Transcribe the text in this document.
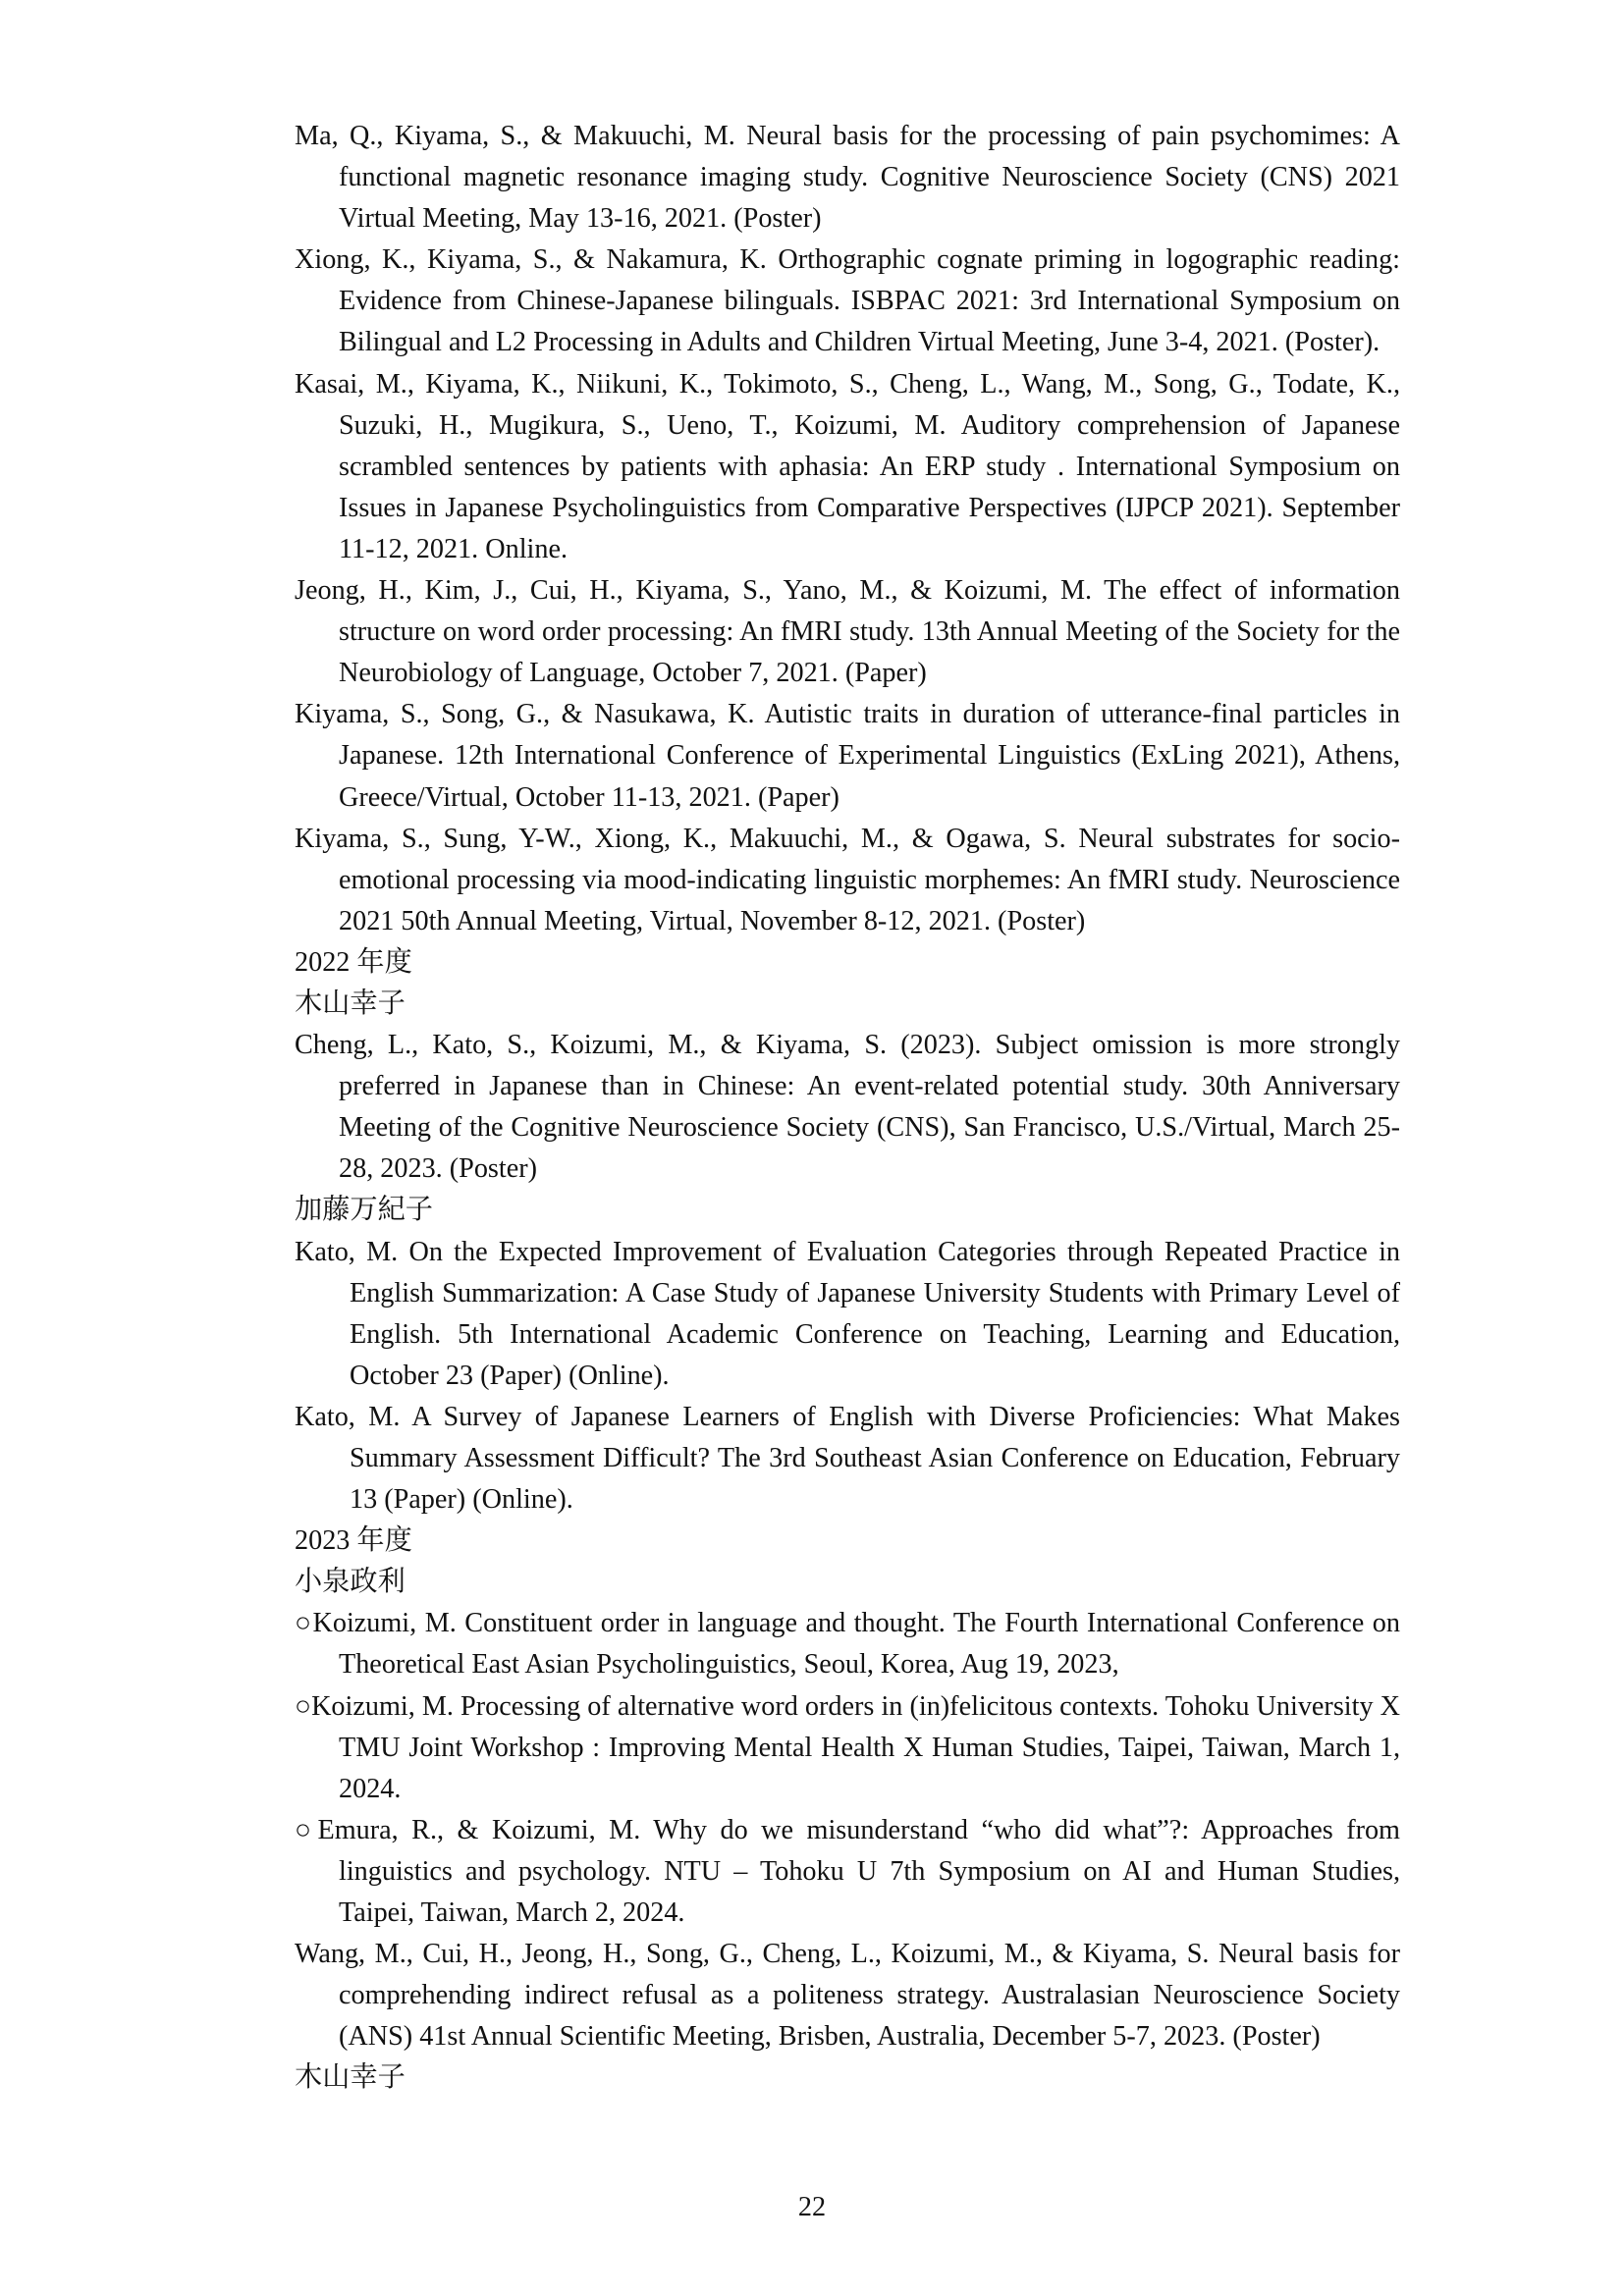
Ma, Q., Kiyama, S., & Makuuchi, M. Neural basis for the processing of pain psychomimes: A functional magnetic resonance imaging study. Cognitive Neuroscience Society (CNS) 2021 Virtual Meeting, May 13-16, 2021. (Poster)

Xiong, K., Kiyama, S., & Nakamura, K. Orthographic cognate priming in logographic reading: Evidence from Chinese-Japanese bilinguals. ISBPAC 2021: 3rd International Symposium on Bilingual and L2 Processing in Adults and Children Virtual Meeting, June 3-4, 2021. (Poster).

Kasai, M., Kiyama, K., Niikuni, K., Tokimoto, S., Cheng, L., Wang, M., Song, G., Todate, K., Suzuki, H., Mugikura, S., Ueno, T., Koizumi, M. Auditory comprehension of Japanese scrambled sentences by patients with aphasia: An ERP study . International Symposium on Issues in Japanese Psycholinguistics from Comparative Perspectives (IJPCP 2021). September 11-12, 2021. Online.

Jeong, H., Kim, J., Cui, H., Kiyama, S., Yano, M., & Koizumi, M. The effect of information structure on word order processing: An fMRI study. 13th Annual Meeting of the Society for the Neurobiology of Language, October 7, 2021. (Paper)

Kiyama, S., Song, G., & Nasukawa, K. Autistic traits in duration of utterance-final particles in Japanese. 12th International Conference of Experimental Linguistics (ExLing 2021), Athens, Greece/Virtual, October 11-13, 2021. (Paper)

Kiyama, S., Sung, Y-W., Xiong, K., Makuuchi, M., & Ogawa, S. Neural substrates for socio-emotional processing via mood-indicating linguistic morphemes: An fMRI study. Neuroscience 2021 50th Annual Meeting, Virtual, November 8-12, 2021. (Poster)

2022 年度

木山幸子

Cheng, L., Kato, S., Koizumi, M., & Kiyama, S. (2023). Subject omission is more strongly preferred in Japanese than in Chinese: An event-related potential study. 30th Anniversary Meeting of the Cognitive Neuroscience Society (CNS), San Francisco, U.S./Virtual, March 25-28, 2023. (Poster)

加藤万紀子

Kato, M. On the Expected Improvement of Evaluation Categories through Repeated Practice in English Summarization: A Case Study of Japanese University Students with Primary Level of English. 5th International Academic Conference on Teaching, Learning and Education, October 23 (Paper) (Online).

Kato, M. A Survey of Japanese Learners of English with Diverse Proficiencies: What Makes Summary Assessment Difficult? The 3rd Southeast Asian Conference on Education, February 13 (Paper) (Online).

2023 年度

小泉政利

○Koizumi, M. Constituent order in language and thought. The Fourth International Conference on Theoretical East Asian Psycholinguistics, Seoul, Korea, Aug 19, 2023,

○Koizumi, M. Processing of alternative word orders in (in)felicitous contexts. Tohoku University X TMU Joint Workshop : Improving Mental Health X Human Studies, Taipei, Taiwan, March 1, 2024.

○Emura, R., & Koizumi, M. Why do we misunderstand “who did what”?: Approaches from linguistics and psychology. NTU – Tohoku U 7th Symposium on AI and Human Studies, Taipei, Taiwan, March 2, 2024.

Wang, M., Cui, H., Jeong, H., Song, G., Cheng, L., Koizumi, M., & Kiyama, S. Neural basis for comprehending indirect refusal as a politeness strategy. Australasian Neuroscience Society (ANS) 41st Annual Scientific Meeting, Brisben, Australia, December 5-7, 2023. (Poster)

木山幸子

22
